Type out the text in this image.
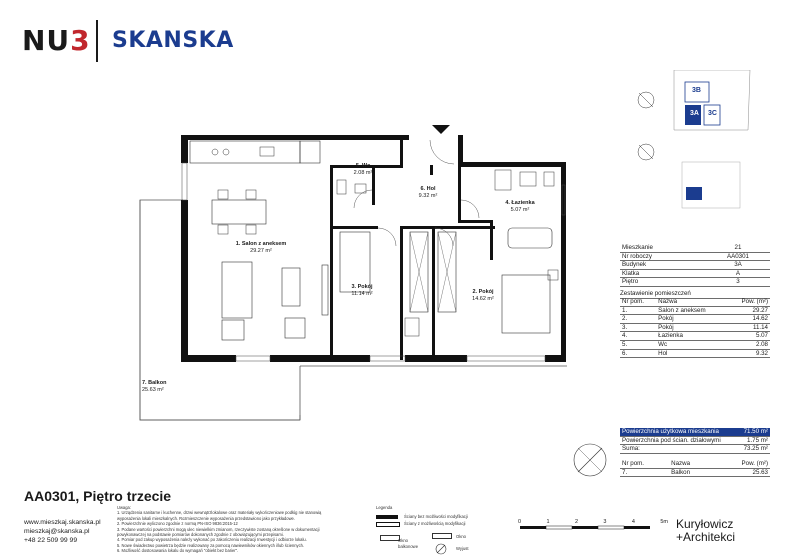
NU3 SKANSKA
1. Salon z aneksem
29.27 m²
2. Pokój
14.62 m²
3. Pokój
11.14 m²
4. Łazienka
5.07 m²
5. Wc
2.08 m²
6. Hol
9.32 m²
7. Balkon
25.63 m²
3B
3A 3C
Mieszkanie	21
Nr roboczy	AA0301
Budynek	3A
Klatka	A
Piętro	3
Zestawienie pomieszczeń
Nr pom.	Nazwa	Pow. (m²)
1.	Salon z aneksem	29.27
2.	Pokój	14.62
3.	Pokój	11.14
4.	Łazienka	5.07
5.	Wc	2.08
6.	Hol	9.32
Powierzchnia użytkowa mieszkania	71.50 m²
Powierzchnia pod ścian. działowymi	1.75 m²
Suma:	73.25 m²
Nr pom.	Nazwa	Pow. (m²)
7.	Balkon	25.63
AA0301, Piętro trzecie
www.mieszkaj.skanska.pl
mieszkaj@skanska.pl
+48 22 509 99 99
Uwaga:
1. Urządzenia sanitarne i kuchenne, drzwi wewnątrzlokalowe oraz materiały wykończeniowe podłóg nie stanowią
wyposażenia lokali mieszkalnych. Rozmieszczenie wyposażenia przedstawiono jako przykładowe.
2. Powierzchnie wyliczono zgodnie z normą PN-ISO 9836:2015-12
3. Podane wartości powierzchni mogą ulec niewielkim zmianom, rzeczywiste zostaną określone w dokumentacji
powykonawczej na podstawie pomiarów dokonanych zgodnie z obowiązującymi przepisami.
4. Pomiar pod zakup wyposażenia należy wykonać po zakończeniu realizacji Inwestycji i odbiorze lokalu.
5. Nowe świadectwo powietrza będzie realizowany za pomocą nawiewników okiennych i/lub ściennych.
6. Możliwość dostosowania lokalu do wymagań "obiekt bez barier".
Legenda
Ściany bez możliwości modyfikacji
Ściany z możliwością modyfikacji
Okno balkonowe
Okno
Wyjust
0	1	2	3	4	5m Kuryłowicz
+Architekci
